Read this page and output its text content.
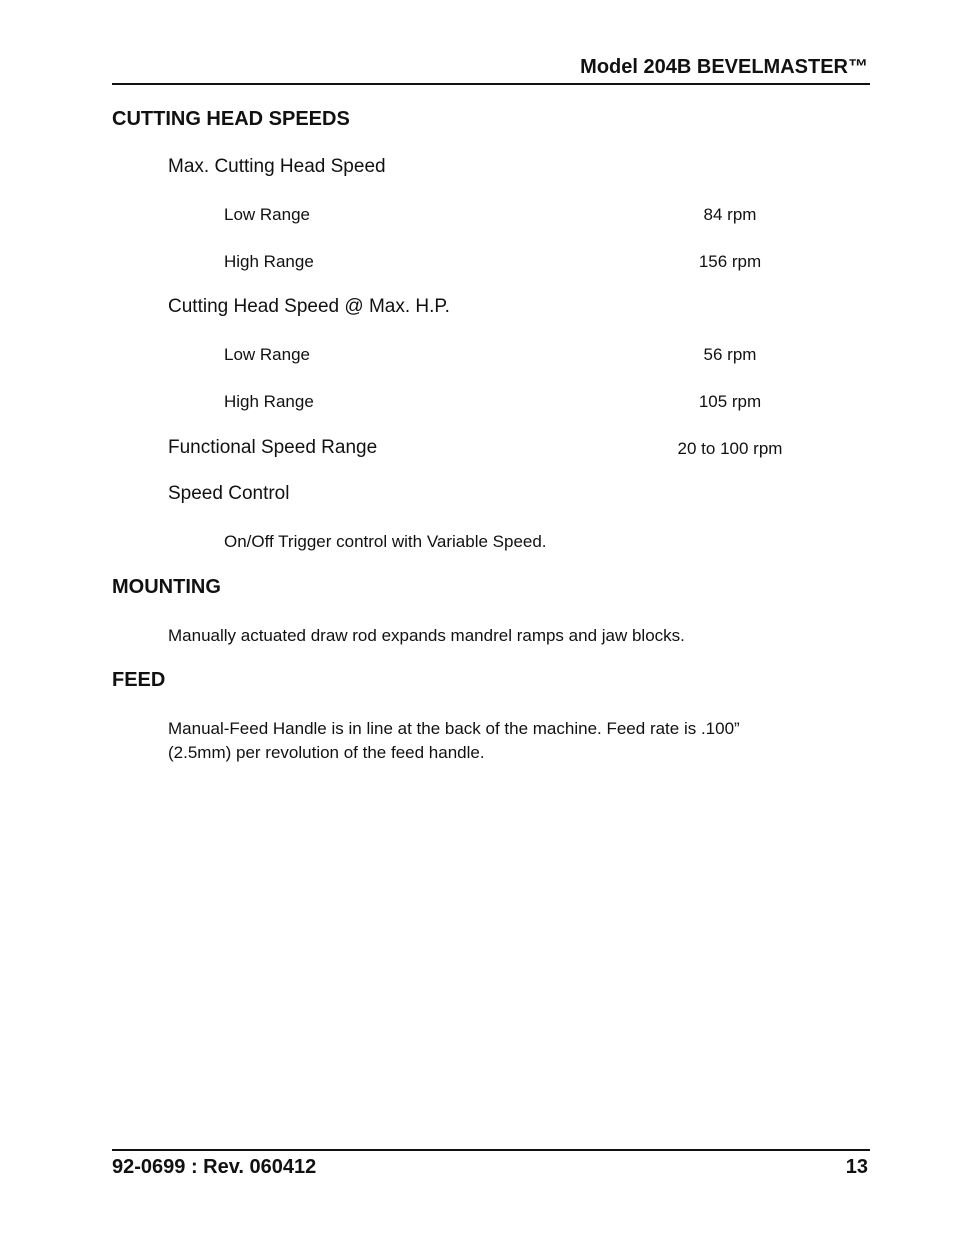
Model 204B BEVELMASTER™
CUTTING HEAD SPEEDS
Max. Cutting Head Speed
Low Range	84 rpm
High Range	156 rpm
Cutting Head Speed @ Max. H.P.
Low Range	56 rpm
High Range	105 rpm
Functional Speed Range	20 to 100 rpm
Speed Control
On/Off Trigger control with Variable Speed.
MOUNTING
Manually actuated draw rod expands mandrel ramps and jaw blocks.
FEED
Manual-Feed Handle is in line at the back of the machine. Feed rate is .100”
(2.5mm) per revolution of the feed handle.
92-0699 : Rev. 060412	13
